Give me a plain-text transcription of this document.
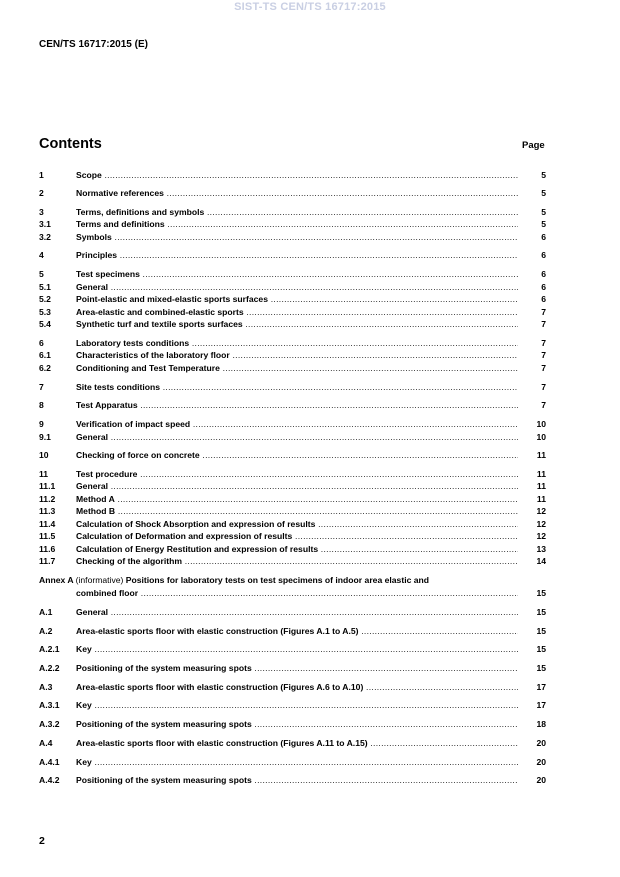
SIST-TS CEN/TS 16717:2015
CEN/TS 16717:2015 (E)
Contents	Page
1	Scope .....	5
2	Normative references .....	5
3	Terms, definitions and symbols .....	5
3.1	Terms and definitions .....	5
3.2	Symbols .....	6
4	Principles .....	6
5	Test specimens .....	6
5.1	General .....	6
5.2	Point-elastic and mixed-elastic sports surfaces .....	6
5.3	Area-elastic and combined-elastic sports .....	7
5.4	Synthetic turf and textile sports surfaces .....	7
6	Laboratory tests conditions .....	7
6.1	Characteristics of the laboratory floor .....	7
6.2	Conditioning and Test Temperature .....	7
7	Site tests conditions .....	7
8	Test Apparatus .....	7
9	Verification of impact speed .....	10
9.1	General .....	10
10	Checking of force on concrete .....	11
11	Test procedure .....	11
11.1 General .....	11
11.2 Method A .....	11
11.3 Method B .....	12
11.4 Calculation of Shock Absorption and expression of results .....	12
11.5 Calculation of Deformation and expression of results .....	12
11.6 Calculation of Energy Restitution and expression of results .....	13
11.7 Checking of the algorithm .....	14
Annex A (informative) Positions for laboratory tests on test specimens of indoor area elastic and
combined floor .....	15
A.1	General .....	15
A.2	Area-elastic sports floor with elastic construction (Figures A.1 to A.5) .....	15
A.2.1 Key .....	15
A.2.2 Positioning of the system measuring spots .....	15
A.3	Area-elastic sports floor with elastic construction (Figures A.6 to A.10) .....	17
A.3.1 Key .....	17
A.3.2 Positioning of the system measuring spots .....	18
A.4	Area-elastic sports floor with elastic construction (Figures A.11 to A.15) .....	20
A.4.1 Key .....	20
A.4.2 Positioning of the system measuring spots .....	20
2
